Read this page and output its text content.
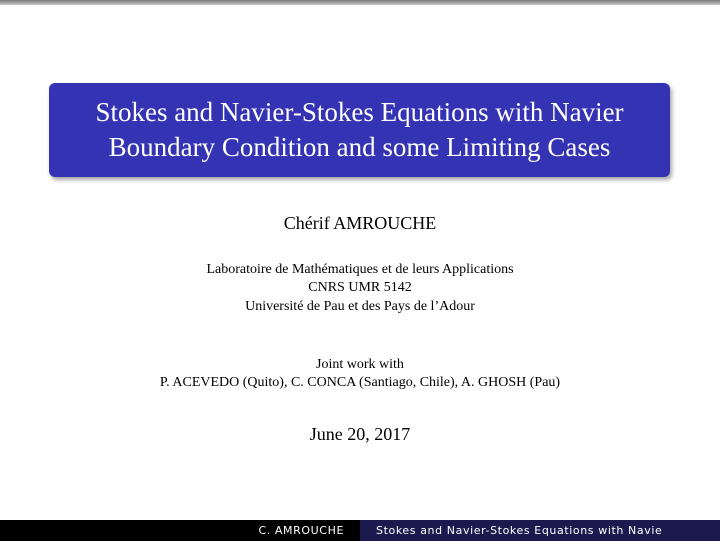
Stokes and Navier-Stokes Equations with Navier Boundary Condition and some Limiting Cases
Chérif AMROUCHE
Laboratoire de Mathématiques et de leurs Applications
CNRS UMR 5142
Université de Pau et des Pays de l’Adour
Joint work with
P. ACEVEDO (Quito), C. CONCA (Santiago, Chile), A. GHOSH (Pau)
June 20, 2017
C. AMROUCHE	Stokes and Navier-Stokes Equations with Navie
